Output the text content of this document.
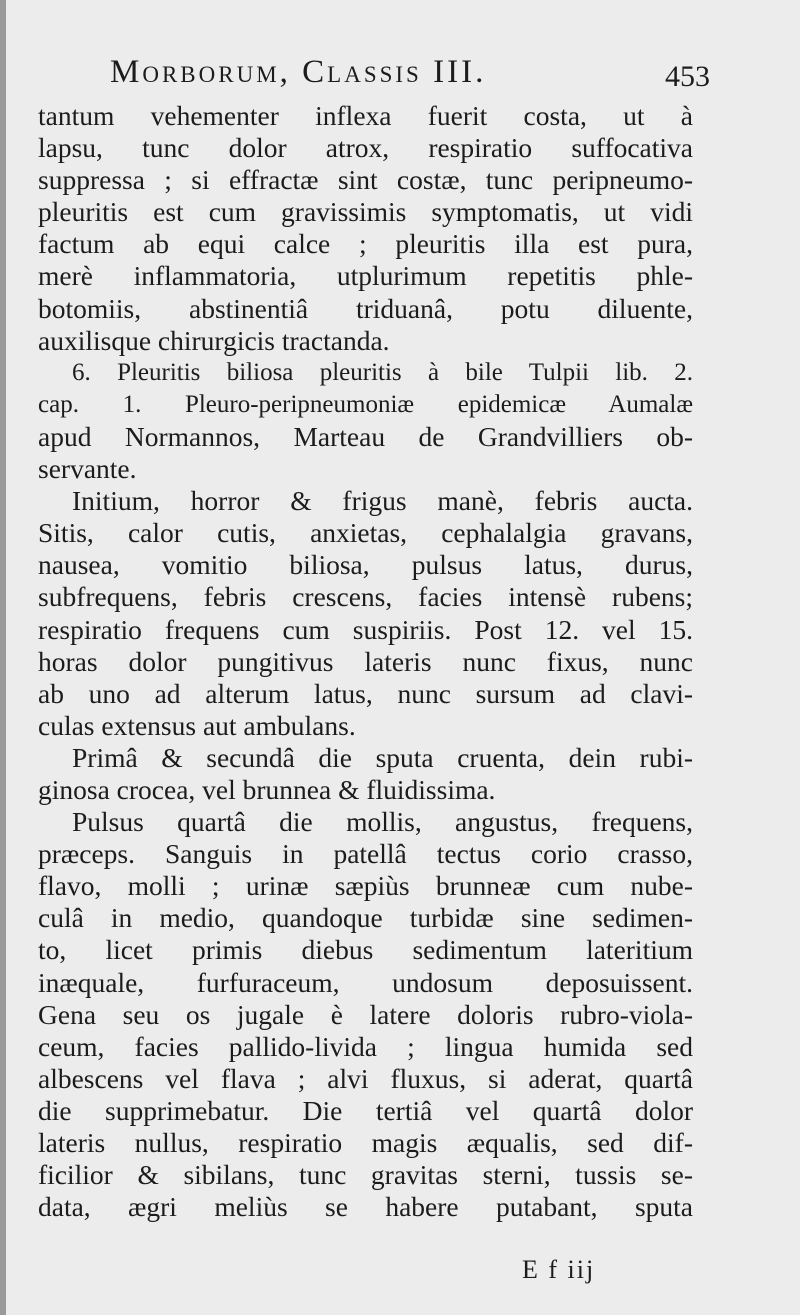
Morborum, Classis III.	453
tantum vehementer inflexa fuerit costa, ut à
lapsu, tunc dolor atrox, respiratio suffocativa
suppressa ; si effractæ sint costæ, tunc peripneumo-
pleuritis est cum gravissimis symptomatis, ut vidi
factum ab equi calce ; pleuritis illa est pura,
merè inflammatoria, utplurimum repetitis phle-
botomiis, abstinentiâ triduanâ, potu diluente,
auxilisque chirurgicis tractanda.
6. Pleuritis biliosa pleuritis à bile Tulpii lib. 2.
cap. 1. Pleuro-peripneumoniæ epidemicæ Aumalæ
apud Normannos, Marteau de Grandvilliers ob-
servante.
Initium, horror & frigus manè, febris aucta.
Sitis, calor cutis, anxietas, cephalalgia gravans,
nausea, vomitio biliosa, pulsus latus, durus,
subfrequens, febris crescens, facies intensè rubens;
respiratio frequens cum suspiriis. Post 12. vel 15.
horas dolor pungitivus lateris nunc fixus, nunc
ab uno ad alterum latus, nunc sursum ad clavi-
culas extensus aut ambulans.
Primâ & secundâ die sputa cruenta, dein rubi-
ginosa crocea, vel brunnea & fluidissima.
Pulsus quartâ die mollis, angustus, frequens,
præceps. Sanguis in patellâ tectus corio crasso,
flavo, molli ; urinæ sæpiùs brunneæ cum nube-
culâ in medio, quandoque turbidæ sine sedimen-
to, licet primis diebus sedimentum lateritium
inæquale, furfuraceum, undosum deposuissent.
Gena seu os jugale è latere doloris rubro-viola-
ceum, facies pallido-livida ; lingua humida sed
albescens vel flava ; alvi fluxus, si aderat, quartâ
die supprimebatur. Die tertiâ vel quartâ dolor
lateris nullus, respiratio magis æqualis, sed dif-
ficilior & sibilans, tunc gravitas sterni, tussis se-
data, ægri meliùs se habere putabant, sputa
E f iij
